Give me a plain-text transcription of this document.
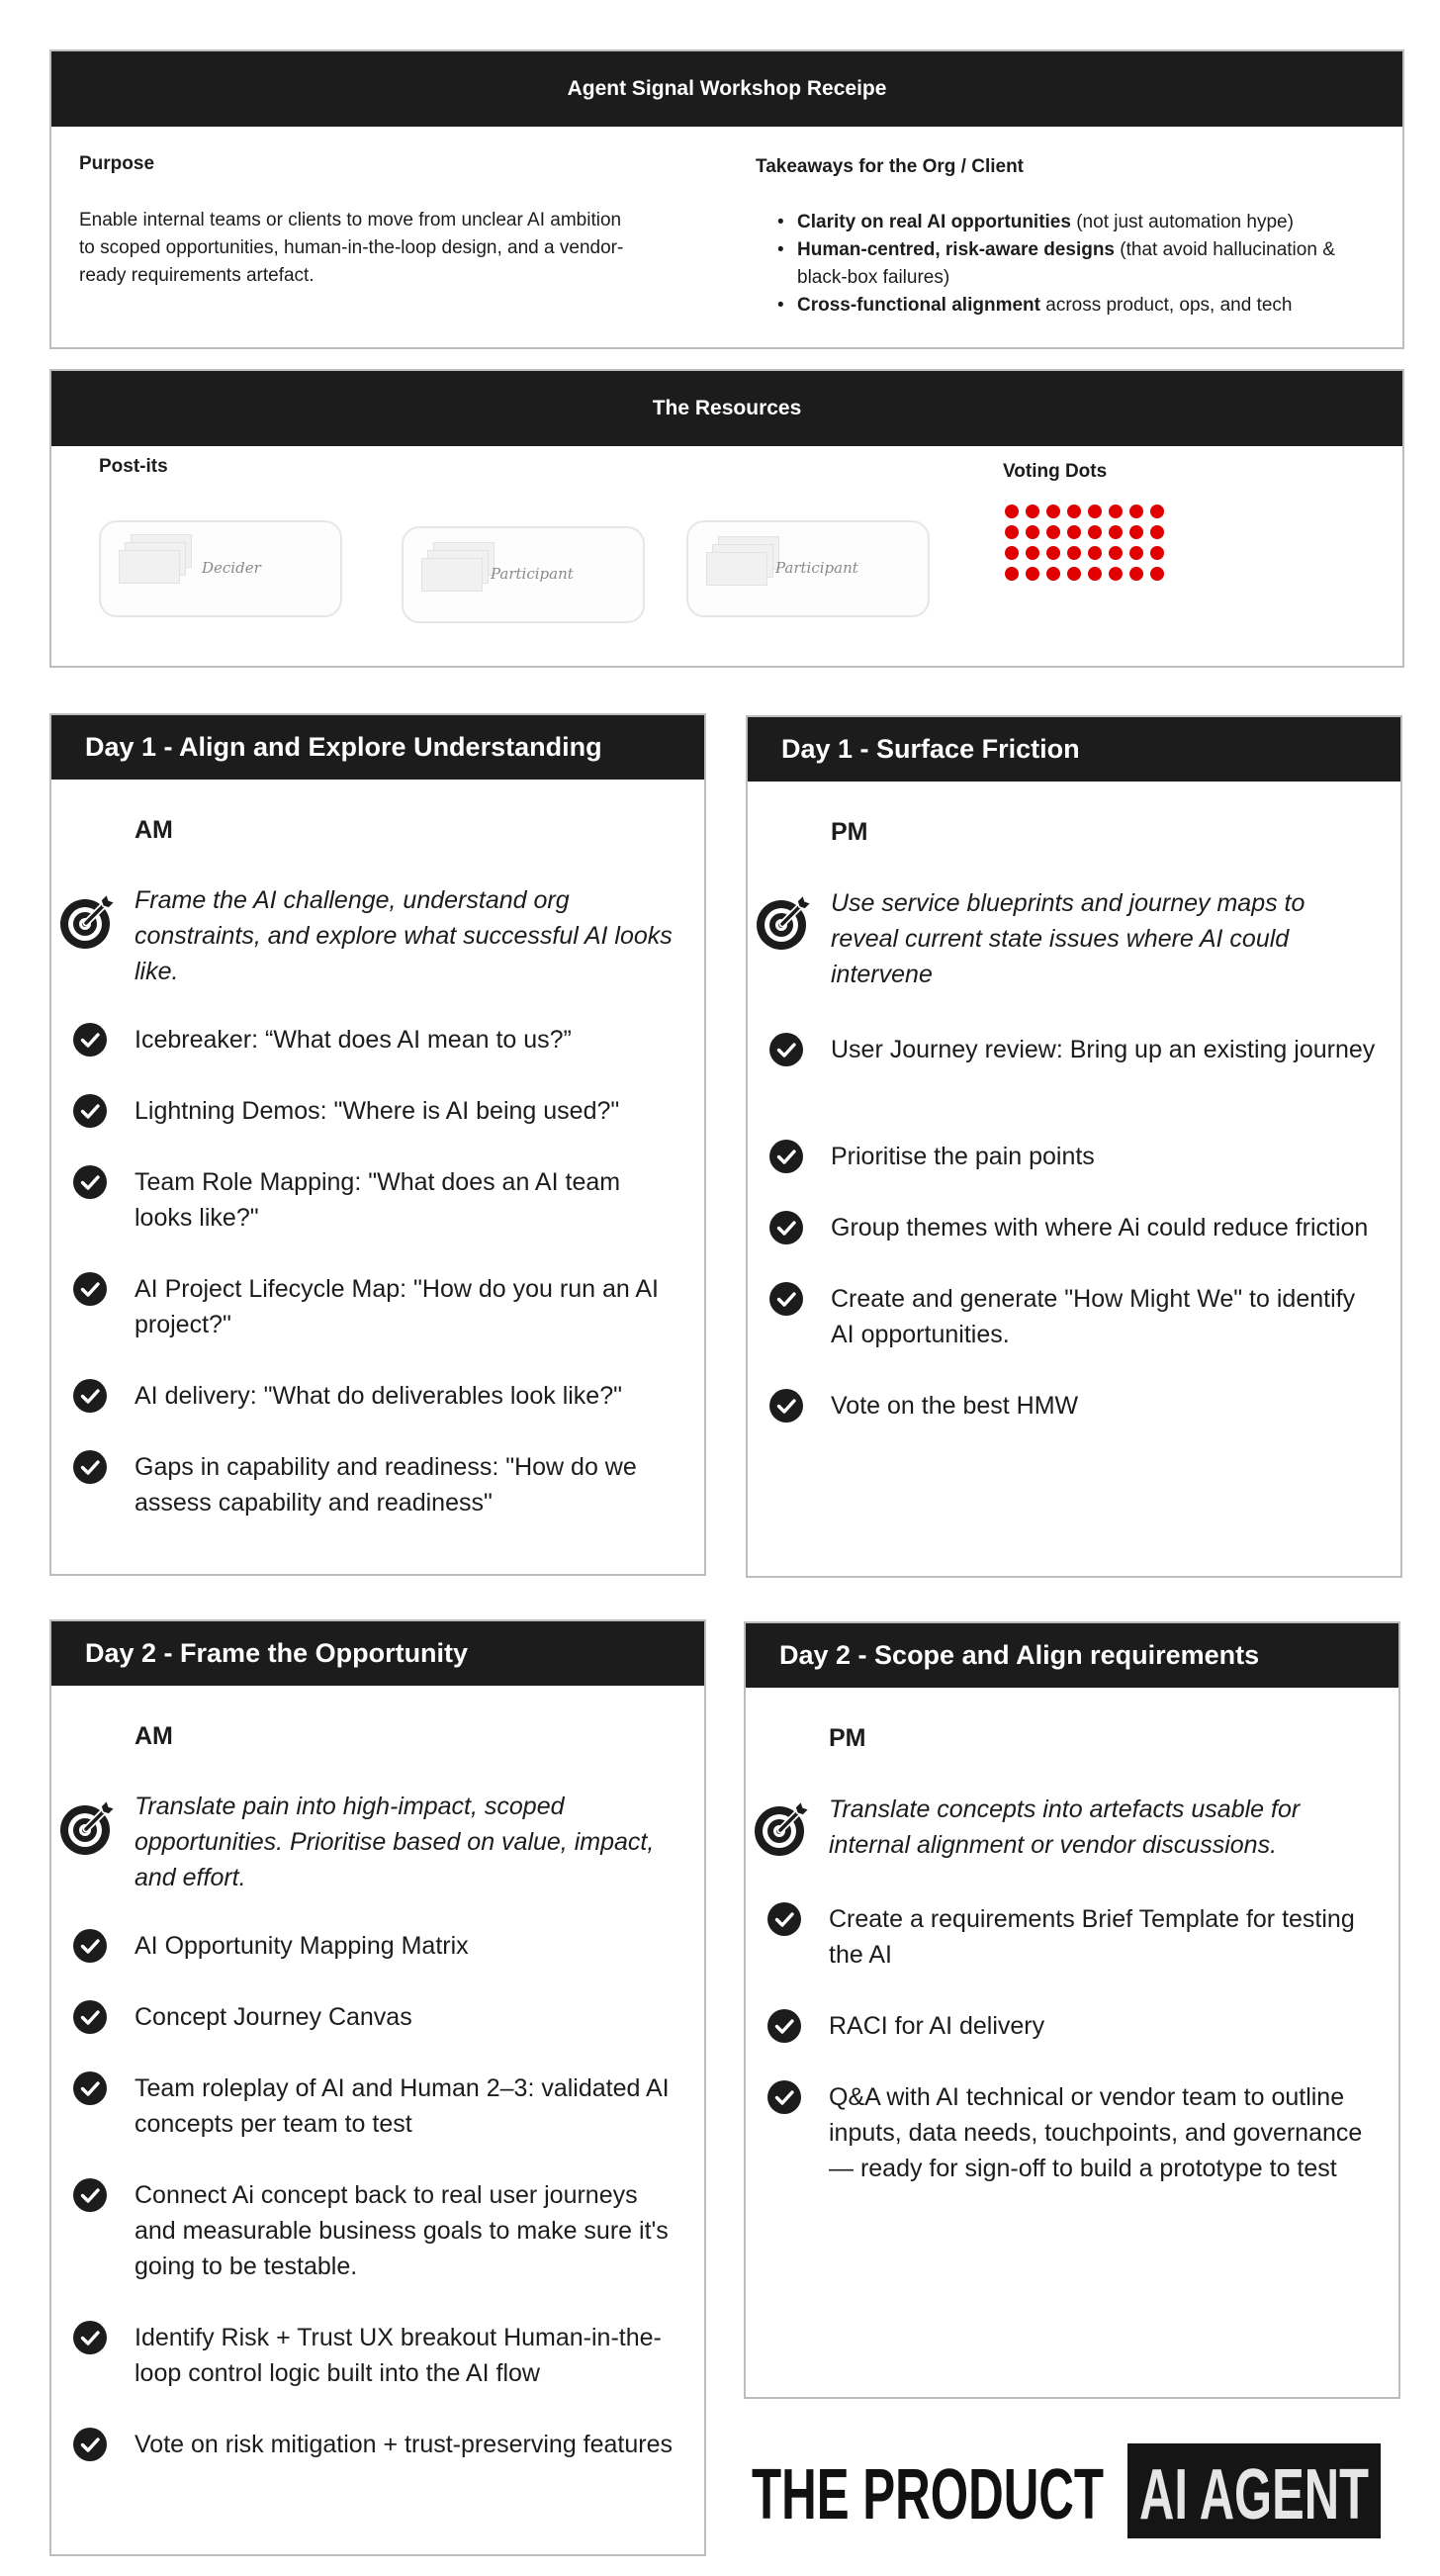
Agent Signal Workshop Receipe
Purpose
Enable internal teams or clients to move from unclear AI ambition
to scoped opportunities, human-in-the-loop design, and a vendor-
ready requirements artefact.
Takeaways for the Org / Client
• Clarity on real AI opportunities (not just automation hype)
• Human-centred, risk-aware designs (that avoid hallucination & black-box failures)
• Cross-functional alignment across product, ops, and tech
The Resources
Post-its
Decider	Participant	Participant
Voting Dots
Day 1 - Align and Explore Understanding
AM
Frame the AI challenge, understand org constraints, and explore what successful AI looks like.
Icebreaker: “What does AI mean to us?”
Lightning Demos: "Where is AI being used?"
Team Role Mapping: "What does an AI team looks like?"
AI Project Lifecycle Map: "How do you run an AI project?"
AI delivery: "What do deliverables look like?"
Gaps in capability and readiness: "How do we assess capability and readiness"
Day 1 - Surface Friction
PM
Use service blueprints and journey maps to reveal current state issues where AI could intervene
User Journey review: Bring up an existing journey
Prioritise the pain points
Group themes with where Ai could reduce friction
Create and generate "How Might We" to identify AI opportunities.
Vote on the best HMW
Day 2 - Frame the Opportunity
AM
Translate pain into high-impact, scoped opportunities. Prioritise based on value, impact, and effort.
AI Opportunity Mapping Matrix
Concept Journey Canvas
Team roleplay of AI and Human 2–3: validated AI concepts per team to test
Connect Ai concept back to real user journeys and measurable business goals to make sure it's going to be testable.
Identify Risk + Trust UX breakout Human-in-the-loop control logic built into the AI flow
Vote on risk mitigation + trust-preserving features
Day 2 - Scope and Align requirements
PM
Translate concepts into artefacts usable for internal alignment or vendor discussions.
Create a requirements Brief Template for testing the AI
RACI for AI delivery
Q&A with AI technical or vendor team to outline inputs, data needs, touchpoints, and governance — ready for sign-off to build a prototype to test
THE PRODUCT AI AGENT
